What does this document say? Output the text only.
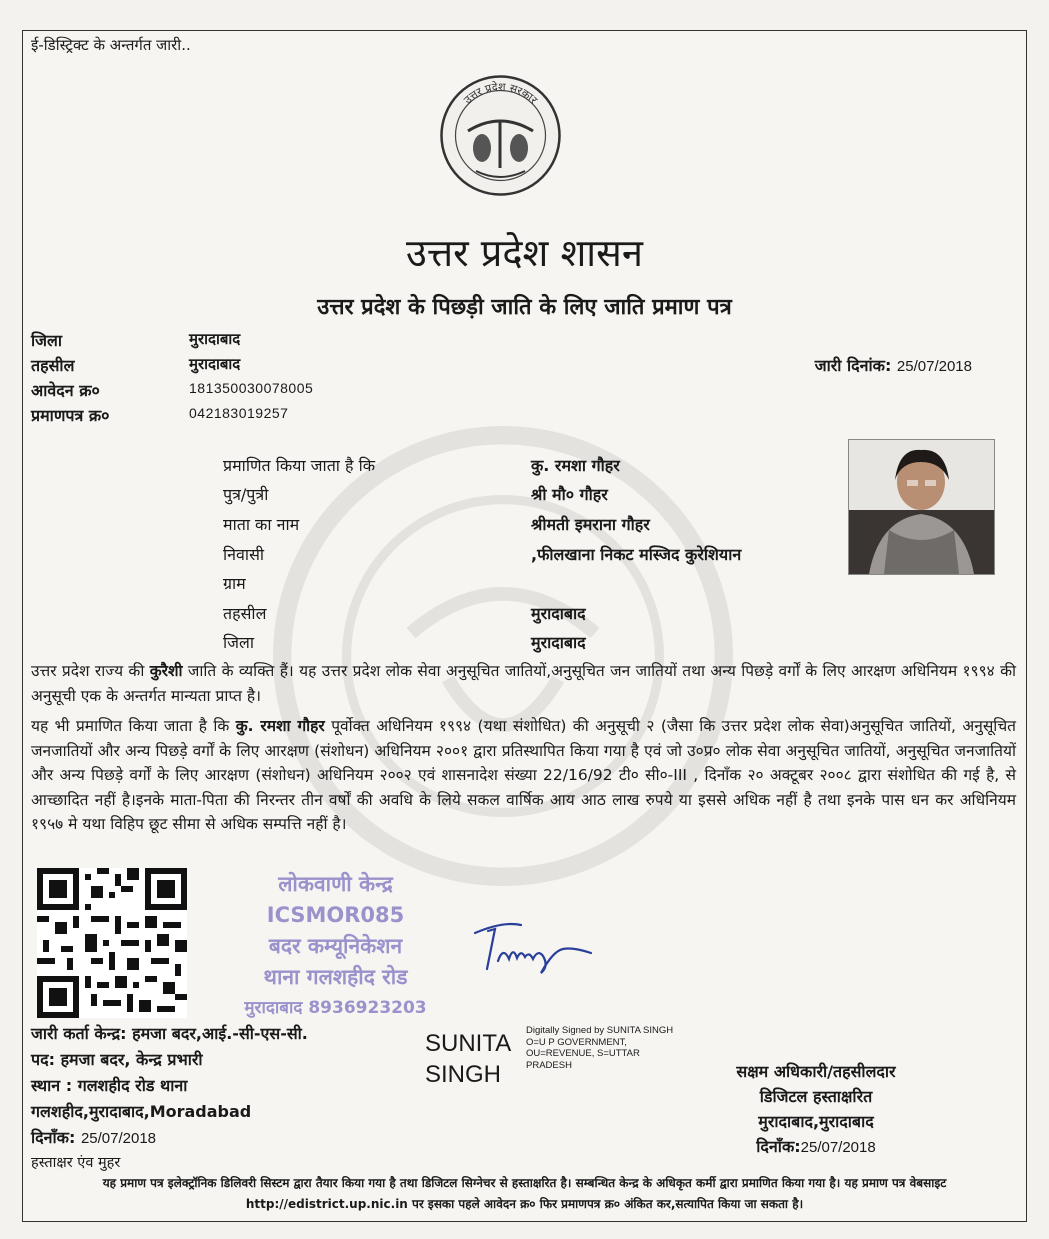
ई-डिस्ट्रिक्ट के अन्तर्गत जारी..
उत्तर प्रदेश सरकार
उत्तर प्रदेश शासन
उत्तर प्रदेश के पिछड़ी जाति के लिए जाति प्रमाण पत्र
जिला	मुरादाबाद
तहसील	मुरादाबाद
आवेदन क्र०	181350030078005
प्रमाणपत्र क्र०	042183019257
जारी दिनांक: 25/07/2018
प्रमाणित किया जाता है कि	कु. रमशा गौहर
पुत्र/पुत्री	श्री मौ० गौहर
माता का नाम	श्रीमती इमराना गौहर
निवासी	,फीलखाना निकट मस्जिद कुरेशियान
ग्राम
तहसील	मुरादाबाद
जिला	मुरादाबाद
उत्तर प्रदेश राज्य की कुरैशी जाति के व्यक्ति हैं। यह उत्तर प्रदेश लोक सेवा अनुसूचित जातियों,अनुसूचित जन जातियों तथा अन्य पिछड़े वर्गों के लिए आरक्षण अधिनियम १९९४ की अनुसूची एक के अन्तर्गत मान्यता प्राप्त है।
यह भी प्रमाणित किया जाता है कि कु. रमशा गौहर पूर्वोक्त अधिनियम १९९४ (यथा संशोधित) की अनुसूची २ (जैसा कि उत्तर प्रदेश लोक सेवा)अनुसूचित जातियों, अनुसूचित जनजातियों और अन्य पिछड़े वर्गों के लिए आरक्षण (संशोधन) अधिनियम २००१ द्वारा प्रतिस्थापित किया गया है एवं जो उ०प्र० लोक सेवा अनुसूचित जातियों, अनुसूचित जनजातियों और अन्य पिछड़े वर्गों के लिए आरक्षण (संशोधन) अधिनियम २००२ एवं शासनादेश संख्या 22/16/92 टी० सी०-III , दिनाँक २० अक्टूबर २००८ द्वारा संशोधित की गई है, से आच्छादित नहीं है।इनके माता-पिता की निरन्तर तीन वर्षों की अवधि के लिये सकल वार्षिक आय आठ लाख रुपये या इससे अधिक नहीं है तथा इनके पास धन कर अधिनियम १९५७ मे यथा विहिप छूट सीमा से अधिक सम्पत्ति नहीं है।
लोकवाणी केन्द्र
ICSMOR085
बदर कम्यूनिकेशन
थाना गलशहीद रोड
मुरादाबाद 8936923203
जारी कर्ता केन्द्र: हमजा बदर,आई.-सी-एस-सी.
पद: हमजा बदर, केन्द्र प्रभारी
स्थान : गलशहीद रोड थाना
गलशहीद,मुरादाबाद,Moradabad
दिनाँक: 25/07/2018
SUNITA
SINGH
Digitally Signed by SUNITA SINGH O=U P GOVERNMENT, OU=REVENUE, S=UTTAR PRADESH	सक्षम अधिकारी/तहसीलदार
डिजिटल हस्ताक्षरित
मुरादाबाद,मुरादाबाद
दिनाँक:25/07/2018
हस्ताक्षर एंव मुहर
यह प्रमाण पत्र इलेक्ट्रॉनिक डिलिवरी सिस्टम द्वारा तैयार किया गया है तथा डिजिटल सिग्नेचर से हस्ताक्षरित है। सम्बन्धित केन्द्र के अधिकृत कर्मी द्वारा प्रमाणित किया गया है। यह प्रमाण पत्र वेबसाइट http://edistrict.up.nic.in पर इसका पहले आवेदन क्र० फिर प्रमाणपत्र क्र० अंकित कर,सत्यापित किया जा सकता है।
